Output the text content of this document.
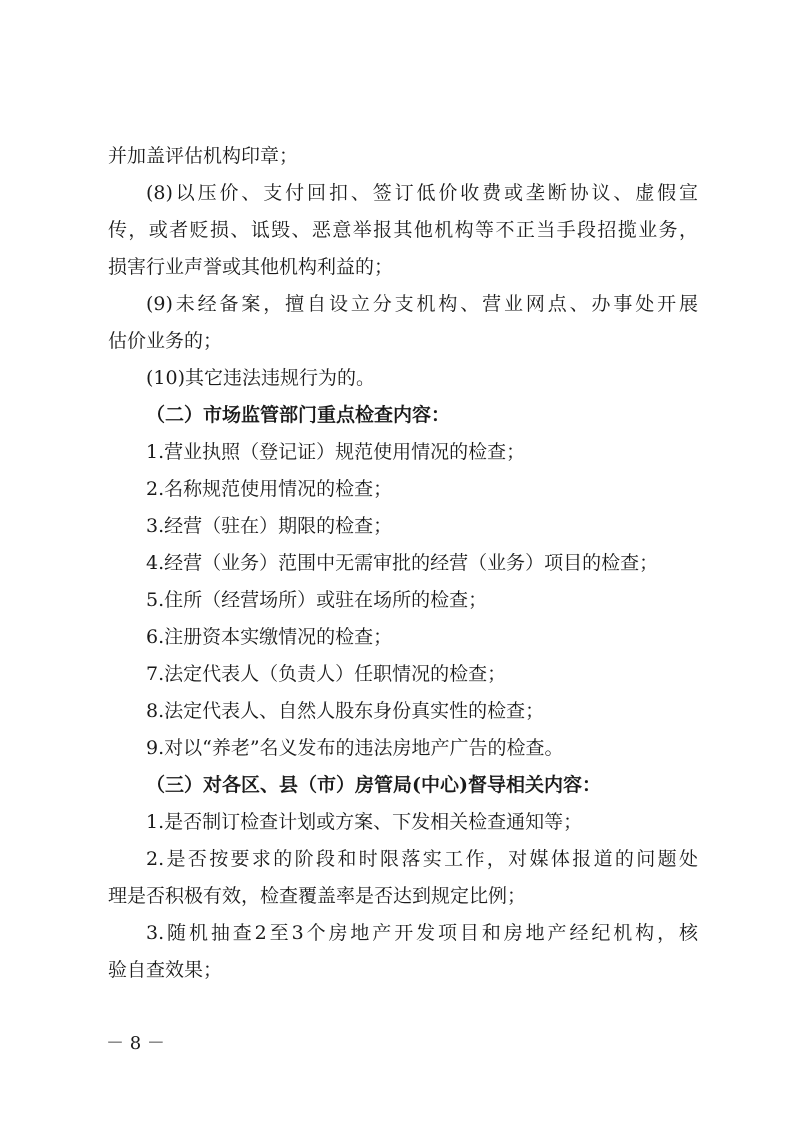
并加盖评估机构印章；
(8)以压价、支付回扣、签订低价收费或垄断协议、虚假宣
传，或者贬损、诋毁、恶意举报其他机构等不正当手段招揽业务，
损害行业声誉或其他机构利益的；
(9)未经备案，擅自设立分支机构、营业网点、办事处开展
估价业务的；
(10)其它违法违规行为的。
（二）市场监管部门重点检查内容：
1.营业执照（登记证）规范使用情况的检查；
2.名称规范使用情况的检查；
3.经营（驻在）期限的检查；
4.经营（业务）范围中无需审批的经营（业务）项目的检查；
5.住所（经营场所）或驻在场所的检查；
6.注册资本实缴情况的检查；
7.法定代表人（负责人）任职情况的检查；
8.法定代表人、自然人股东身份真实性的检查；
9.对以“养老”名义发布的违法房地产广告的检查。
（三）对各区、县（市）房管局(中心)督导相关内容：
1.是否制订检查计划或方案、下发相关检查通知等；
2.是否按要求的阶段和时限落实工作，对媒体报道的问题处
理是否积极有效，检查覆盖率是否达到规定比例；
3.随机抽查2至3个房地产开发项目和房地产经纪机构，核
验自查效果；
－ 8 －
